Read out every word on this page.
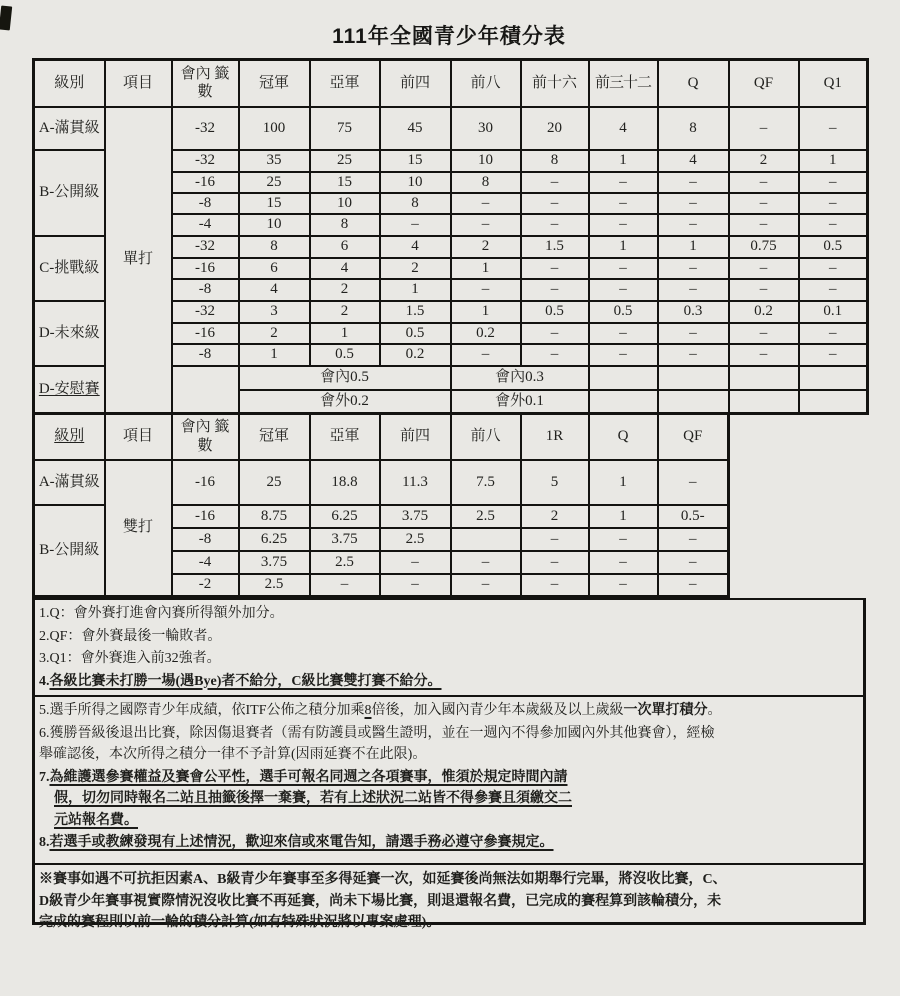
111年全國青少年積分表
級別	項目	會內 籤數	冠軍	亞軍	前四	前八	前十六	前三十二	Q	QF	Q1
A-滿貫級	單打	-32	100	75	45	30	20	4	8	–	–
B-公開級		-32	35	25	15	10	8	1	4	2	1
		-16	25	15	10	8	–	–	–	–	–
		-8	15	10	8	–	–	–	–	–	–
		-4	10	8	–	–	–	–	–	–	–
C-挑戰級		-32	8	6	4	2	1.5	1	1	0.75	0.5
		-16	6	4	2	1	–	–	–	–	–
		-8	4	2	1	–	–	–	–	–	–
D-未來級		-32	3	2	1.5	1	0.5	0.5	0.3	0.2	0.1
		-16	2	1	0.5	0.2	–	–	–	–	–
		-8	1	0.5	0.2	–	–	–	–	–	–
D-安慰賽			會內0.5			會內0.3					
			會外0.2			會外0.1					
級別	項目	會內 籤數	冠軍	亞軍	前四	前八	1R	Q	QF
A-滿貫級	雙打	-16	25	18.8	11.3	7.5	5	1	–
B-公開級		-16	8.75	6.25	3.75	2.5	2	1	0.5-
		-8	6.25	3.75	2.5		–	–	–
		-4	3.75	2.5	–	–	–	–	–
		-2	2.5	–	–	–	–	–	–
1.Q：會外賽打進會內賽所得額外加分。
2.QF：會外賽最後一輪敗者。
3.Q1：會外賽進入前32強者。
4.各級比賽未打勝一場(遇Bye)者不給分，C級比賽雙打賽不給分。
5.選手所得之國際青少年成績，依ITF公佈之積分加乘8倍後，加入國內青少年本歲級及以上歲級一次單打積分。
6.獲勝晉級後退出比賽，除因傷退賽者（需有防護員或醫生證明，並在一週內不得參加國內外其他賽會），經檢
舉確認後，本次所得之積分一律不予計算(因雨延賽不在此限)。
7.為維護選參賽權益及賽會公平性，選手可報名同週之各項賽事，惟須於規定時間內請
假，切勿同時報名二站且抽籤後擇一棄賽，若有上述狀況二站皆不得參賽且須繳交二
元站報名費。
8.若選手或教練發現有上述情況，歡迎來信或來電告知，請選手務必遵守參賽規定。
※賽事如遇不可抗拒因素A、B級青少年賽事至多得延賽一次，如延賽後尚無法如期舉行完畢，將沒收比賽，C、
D級青少年賽事視實際情況沒收比賽不再延賽，尚未下場比賽，則退還報名費，已完成的賽程算到該輪積分，未
完成的賽程則以前一輪的積分計算(如有特殊狀況將以專案處理)。
